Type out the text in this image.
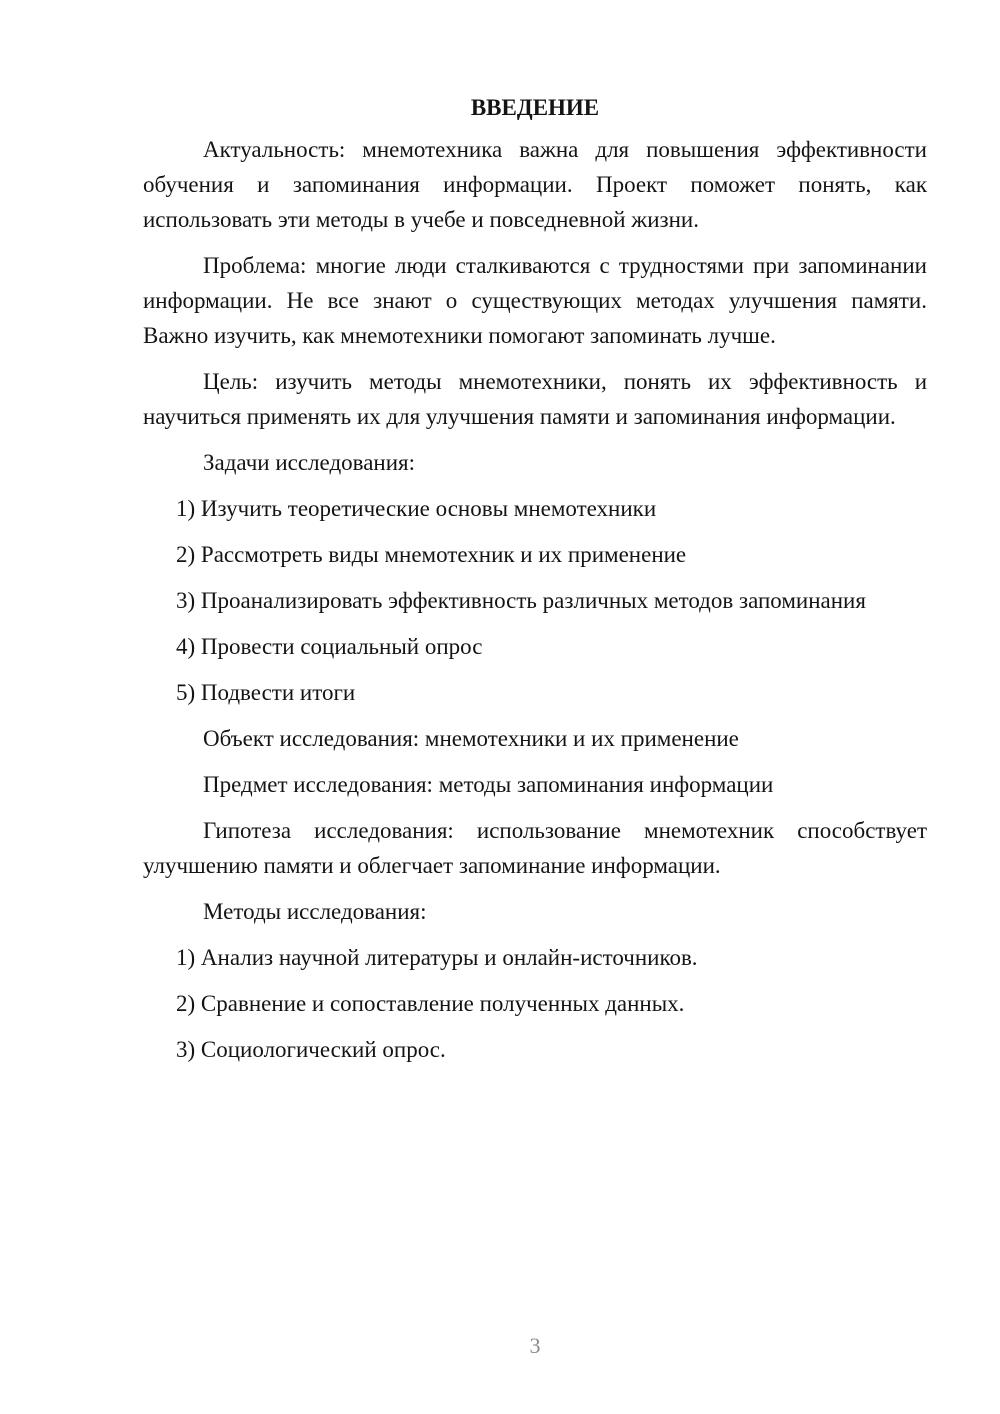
ВВЕДЕНИЕ

Актуальность: мнемотехника важна для повышения эффективности обучения и запоминания информации. Проект поможет понять, как использовать эти методы в учебе и повседневной жизни.

Проблема: многие люди сталкиваются с трудностями при запоминании информации. Не все знают о существующих методах улучшения памяти. Важно изучить, как мнемотехники помогают запоминать лучше.

Цель: изучить методы мнемотехники, понять их эффективность и научиться применять их для улучшения памяти и запоминания информации.

Задачи исследования:

1) Изучить теоретические основы мнемотехники

2) Рассмотреть виды мнемотехник и их применение

3) Проанализировать эффективность различных методов запоминания

4) Провести социальный опрос

5) Подвести итоги

Объект исследования: мнемотехники и их применение

Предмет исследования: методы запоминания информации

Гипотеза исследования: использование мнемотехник способствует улучшению памяти и облегчает запоминание информации.

Методы исследования:

1) Анализ научной литературы и онлайн-источников.

2) Сравнение и сопоставление полученных данных.

3) Социологический опрос.

3
